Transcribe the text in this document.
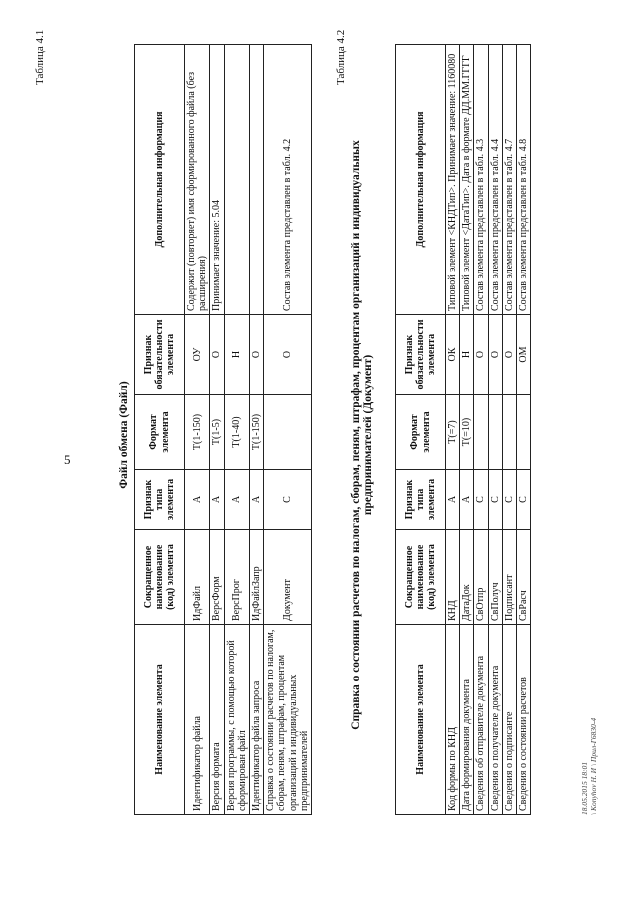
5
Таблица 4.1
Файл обмена (Файл)
Наименование элемента	Сокращенное наименование (код) элемента	Признак типа элемента	Формат элемента	Признак обязательности элемента	Дополнительная информация
Идентификатор файла	ИдФайл	А	Т(1-150)	ОУ	Содержит (повторяет) имя сформированного файла (без расширения)
Версия формата	ВерсФорм	А	Т(1-5)	О	Принимает значение: 5.04
Версия программы, с помощью которой сформирован файл	ВерсПрог	А	Т(1-40)	Н	
Идентификатор файла запроса	ИдФайлЗапр	А	Т(1-150)	О	
Справка о состоянии расчетов по налогам, сборам, пеням, штрафам, процентам организаций и индивидуальных предпринимателей	Документ	С		О	Состав элемента представлен в табл. 4.2
Таблица 4.2
Справка о состоянии расчетов по налогам, сборам, пеням, штрафам, процентам организаций и индивидуальных предпринимателей (Документ)
Наименование элемента	Сокращенное наименование (код) элемента	Признак типа элемента	Формат элемента	Признак обязательности элемента	Дополнительная информация
Код формы по КНД	КНД	А	Т(=7)	ОК	Типовой элемент <КНДТип>. Принимает значение: 1160080
Дата формирования документа	ДатаДок	А	Т(=10)	Н	Типовой элемент <ДатаТип>. Дата в формате ДД.ММ.ГГГГ
Сведения об отправителе документа	СвОтпр	С		О	Состав элемента представлен в табл. 4.3
Сведения о получателе документа	СвПолуч	С		О	Состав элемента представлен в табл. 4.4
Сведения о подписанте	Подписант	С		О	Состав элемента представлен в табл. 4.7
Сведения о состоянии расчетов	СвРасч	С		ОМ	Состав элемента представлен в табл. 4.8
18.05.2015 18:01 \ Konyhov H. И \ Прил-Г6830-4
